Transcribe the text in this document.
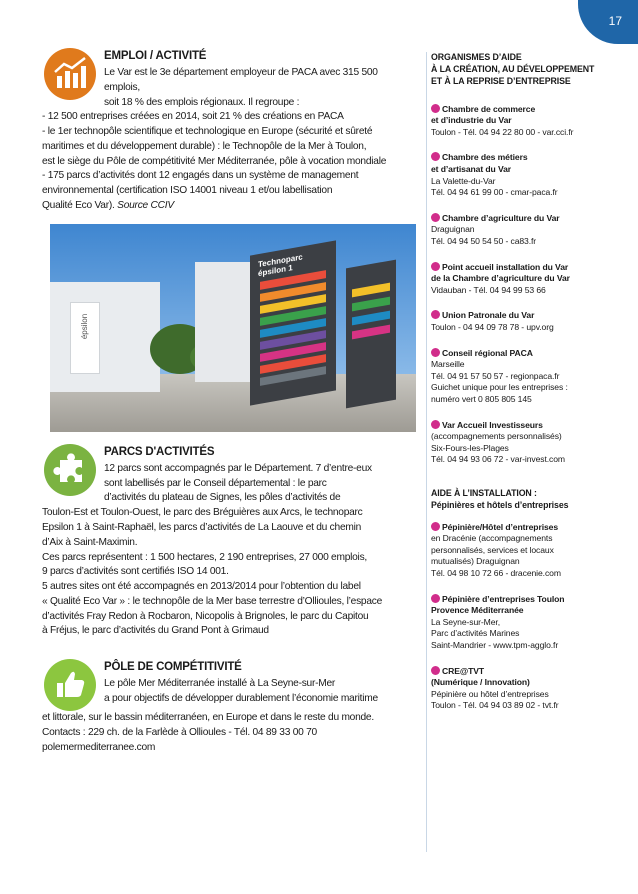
17
EMPLOI / ACTIVITÉ
Le Var est le 3e département employeur de PACA avec 315 500 emplois,
soit 18 % des emplois régionaux. Il regroupe :
- 12 500 entreprises créées en 2014, soit 21 % des créations en PACA
- le 1er technopôle scientifique et technologique en Europe (sécurité et sûreté
maritimes et du développement durable) : le Technopôle de la Mer à Toulon,
est le siège du Pôle de compétitivité Mer Méditerranée, pôle à vocation mondiale
- 175 parcs d’activités dont 12 engagés dans un système de management
environnemental (certification ISO 14001 niveau 1 et/ou labellisation
Qualité Eco Var). Source CCIV
épsilon
Technoparc épsilon 1
PARCS D'ACTIVITÉS
12 parcs sont accompagnés par le Département. 7 d’entre-eux
sont labellisés par le Conseil départemental : le parc
d’activités du plateau de Signes, les pôles d’activités de
Toulon-Est et Toulon-Ouest, le parc des Bréguières aux Arcs, le technoparc
Epsilon 1 à Saint-Raphaël, les parcs d’activités de La Laouve et du chemin
d’Aix à Saint-Maximin.
Ces parcs représentent : 1 500 hectares, 2 190 entreprises, 27 000 emplois,
9 parcs d’activités sont certifiés ISO 14 001.
5 autres sites ont été accompagnés en 2013/2014 pour l’obtention du label
« Qualité Eco Var » : le technopôle de la Mer base terrestre d’Ollioules, l’espace
d’activités Fray Redon à Rocbaron, Nicopolis à Brignoles, le parc du Capitou
à Fréjus, le parc d’activités du Grand Pont à Grimaud
PÔLE DE COMPÉTITIVITÉ
Le pôle Mer Méditerranée installé à La Seyne-sur-Mer
a pour objectifs de développer durablement l’économie maritime
et littorale, sur le bassin méditerranéen, en Europe et dans le reste du monde.
Contacts : 229 ch. de la Farlède à Ollioules - Tél. 04 89 33 00 70
polemermediterranee.com
ORGANISMES D’AIDE
À LA CRÉATION, AU DÉVELOPPEMENT
ET À LA REPRISE D’ENTREPRISE
Chambre de commerce
et d’industrie du Var
Toulon - Tél. 04 94 22 80 00 - var.cci.fr
Chambre des métiers
et d’artisanat du Var
La Valette-du-Var
Tél. 04 94 61 99 00 - cmar-paca.fr
Chambre d’agriculture du Var
Draguignan
Tél. 04 94 50 54 50 - ca83.fr
Point accueil installation du Var
de la Chambre d’agriculture du Var
Vidauban - Tél. 04 94 99 53 66
Union Patronale du Var
Toulon - 04 94 09 78 78 - upv.org
Conseil régional PACA
Marseille
Tél. 04 91 57 50 57 - regionpaca.fr
Guichet unique pour les entreprises :
numéro vert 0 805 805 145
Var Accueil Investisseurs
(accompagnements personnalisés)
Six-Fours-les-Plages
Tél. 04 94 93 06 72 - var-invest.com
AIDE À L’INSTALLATION :
Pépinières et hôtels d’entreprises
Pépinière/Hôtel d’entreprises
en Dracénie (accompagnements
personnalisés, services et locaux
mutualisés) Draguignan
Tél. 04 98 10 72 66 - dracenie.com
Pépinière d’entreprises Toulon
Provence Méditerranée
La Seyne-sur-Mer,
Parc d’activités Marines
Saint-Mandrier - www.tpm-agglo.fr
CRE@TVT
(Numérique / Innovation)
Pépinière ou hôtel d’entreprises
Toulon - Tél. 04 94 03 89 02 - tvt.fr
